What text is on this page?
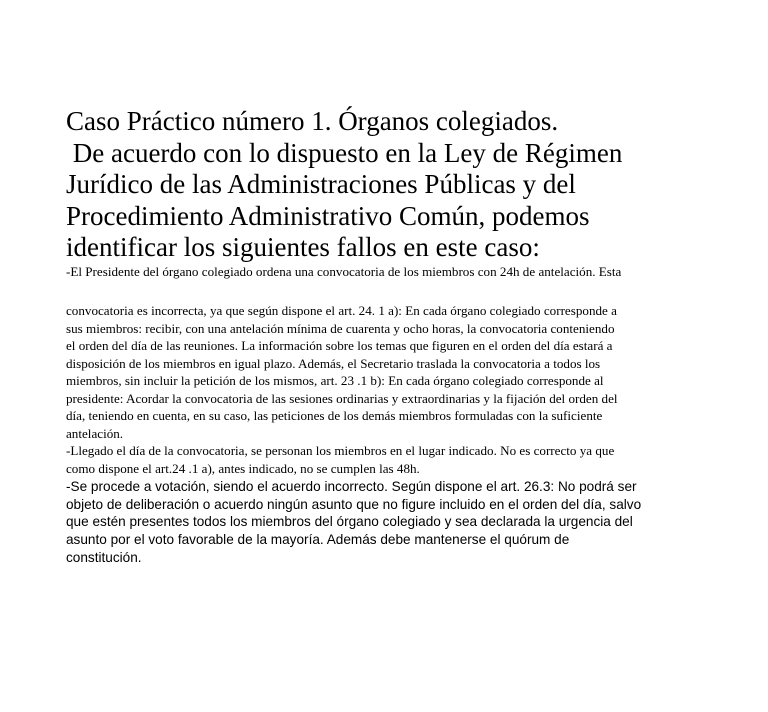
Caso Práctico número 1. Órganos colegiados.
De acuerdo con lo dispuesto en la Ley de Régimen
Jurídico de las Administraciones Públicas y del
Procedimiento Administrativo Común, podemos
identificar los siguientes fallos en este caso:
-El Presidente del órgano colegiado ordena una convocatoria de los miembros con 24h de antelación. Esta
convocatoria es incorrecta, ya que según dispone el art. 24. 1 a): En cada órgano colegiado corresponde a
sus miembros: recibir, con una antelación mínima de cuarenta y ocho horas, la convocatoria conteniendo
el orden del día de las reuniones. La información sobre los temas que figuren en el orden del día estará a
disposición de los miembros en igual plazo. Además, el Secretario traslada la convocatoria a todos los
miembros, sin incluir la petición de los mismos, art. 23 .1 b): En cada órgano colegiado corresponde al
presidente: Acordar la convocatoria de las sesiones ordinarias y extraordinarias y la fijación del orden del
día, teniendo en cuenta, en su caso, las peticiones de los demás miembros formuladas con la suficiente
antelación.
-Llegado el día de la convocatoria, se personan los miembros en el lugar indicado. No es correcto ya que
como dispone el art.24 .1 a), antes indicado, no se cumplen las 48h.
-Se procede a votación, siendo el acuerdo incorrecto. Según dispone el art. 26.3: No podrá ser
objeto de deliberación o acuerdo ningún asunto que no figure incluido en el orden del día, salvo
que estén presentes todos los miembros del órgano colegiado y sea declarada la urgencia del
asunto por el voto favorable de la mayoría. Además debe mantenerse el quórum de
constitución.
